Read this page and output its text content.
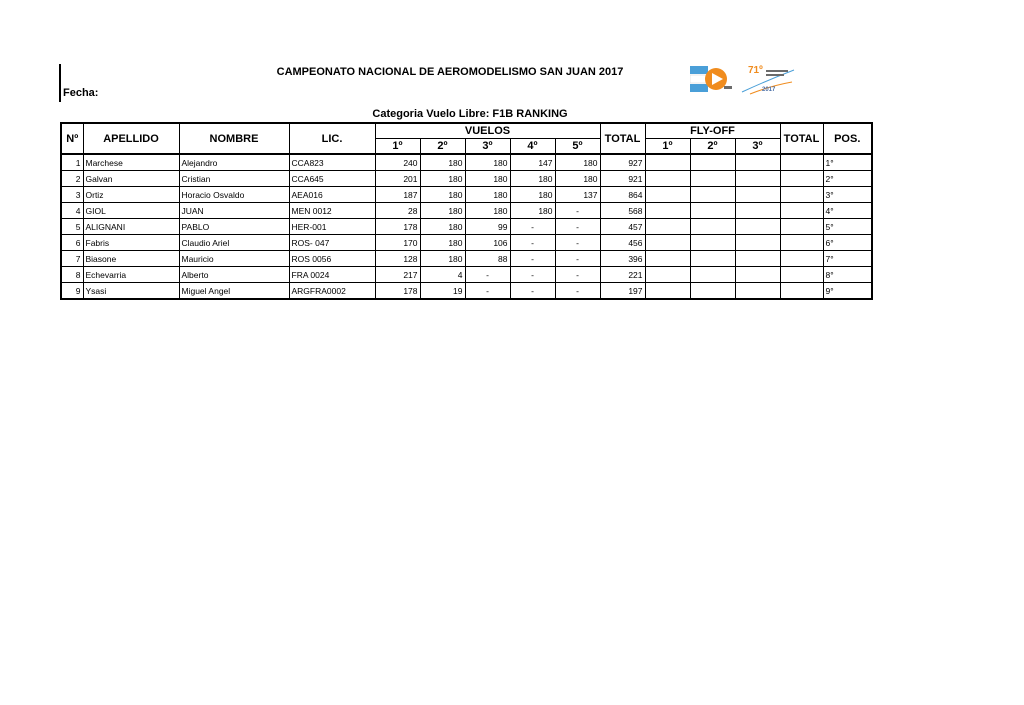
CAMPEONATO NACIONAL DE AEROMODELISMO SAN JUAN 2017
Fecha:
Categoria Vuelo Libre: F1B RANKING
71º
2017
Nº	APELLIDO	NOMBRE	LIC.	VUELOS					TOTAL	FLY-OFF			TOTAL	POS.
				1º	2º	3º	4º	5º		1º	2º	3º		
1	Marchese	Alejandro	CCA823	240	180	180	147	180	927					1°
2	Galvan	Cristian	CCA645	201	180	180	180	180	921					2°
3	Ortiz	Horacio Osvaldo	AEA016	187	180	180	180	137	864					3°
4	GIOL	JUAN	MEN 0012	28	180	180	180	-	568					4°
5	ALIGNANI	PABLO	HER-001	178	180	99	-	-	457					5°
6	Fabris	Claudio Ariel	ROS- 047	170	180	106	-	-	456					6°
7	Biasone	Mauricio	ROS 0056	128	180	88	-	-	396					7°
8	Echevarria	Alberto	FRA 0024	217	4	-	-	-	221					8°
9	Ysasi	Miguel Angel	ARGFRA0002	178	19	-	-	-	197					9°
